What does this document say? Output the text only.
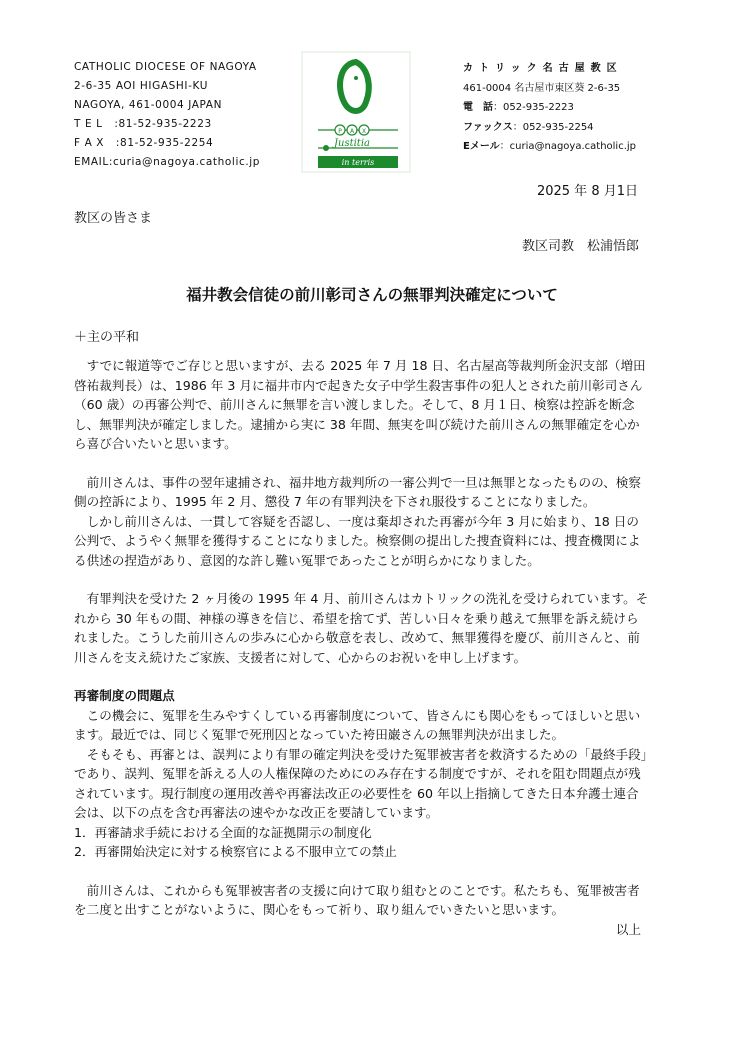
CATHOLIC DIOCESE OF NAGOYA
2-6-35 AOI HIGASHI-KU
NAGOYA, 461-0004 JAPAN
T E L   :81-52-935-2223
F A X   :81-52-935-2254
EMAIL:curia@nagoya.catholic.jp
P A X
Justitia
in terris
カトリック名古屋教区
461-0004 名古屋市東区葵 2-6-35
電　話：052-935-2223
ファックス：052-935-2254
Eメール：curia@nagoya.catholic.jp
2025 年 8 月1日
教区の皆さま
教区司教　松浦悟郎
福井教会信徒の前川彰司さんの無罪判決確定について
＋主の平和

　すでに報道等でご存じと思いますが、去る 2025 年 7 月 18 日、名古屋高等裁判所金沢支部（増田啓祐裁判長）は、1986 年 3 月に福井市内で起きた女子中学生殺害事件の犯人とされた前川彰司さん（60 歳）の再審公判で、前川さんに無罪を言い渡しました。そして、8 月１日、検察は控訴を断念し、無罪判決が確定しました。逮捕から実に 38 年間、無実を叫び続けた前川さんの無罪確定を心から喜び合いたいと思います。

　前川さんは、事件の翌年逮捕され、福井地方裁判所の一審公判で一旦は無罪となったものの、検察側の控訴により、1995 年 2 月、懲役 7 年の有罪判決を下され服役することになりました。

　しかし前川さんは、一貫して容疑を否認し、一度は棄却された再審が今年 3 月に始まり、18 日の公判で、ようやく無罪を獲得することになりました。検察側の提出した捜査資料には、捜査機関による供述の捏造があり、意図的な許し難い冤罪であったことが明らかになりました。

　有罪判決を受けた 2 ヶ月後の 1995 年 4 月、前川さんはカトリックの洗礼を受けられています。それから 30 年もの間、神様の導きを信じ、希望を捨てず、苦しい日々を乗り越えて無罪を訴え続けられました。こうした前川さんの歩みに心から敬意を表し、改めて、無罪獲得を慶び、前川さんと、前川さんを支え続けたご家族、支援者に対して、心からのお祝いを申し上げます。

再審制度の問題点

　この機会に、冤罪を生みやすくしている再審制度について、皆さんにも関心をもってほしいと思います。最近では、同じく冤罪で死刑囚となっていた袴田巌さんの無罪判決が出ました。

　そもそも、再審とは、誤判により有罪の確定判決を受けた冤罪被害者を救済するための「最終手段」であり、誤判、冤罪を訴える人の人権保障のためにのみ存在する制度ですが、それを阻む問題点が残されています。現行制度の運用改善や再審法改正の必要性を 60 年以上指摘してきた日本弁護士連合会は、以下の点を含む再審法の速やかな改正を要請しています。

1．再審請求手続における全面的な証拠開示の制度化

2．再審開始決定に対する検察官による不服申立ての禁止

　前川さんは、これからも冤罪被害者の支援に向けて取り組むとのことです。私たちも、冤罪被害者を二度と出すことがないように、関心をもって祈り、取り組んでいきたいと思います。

以上
